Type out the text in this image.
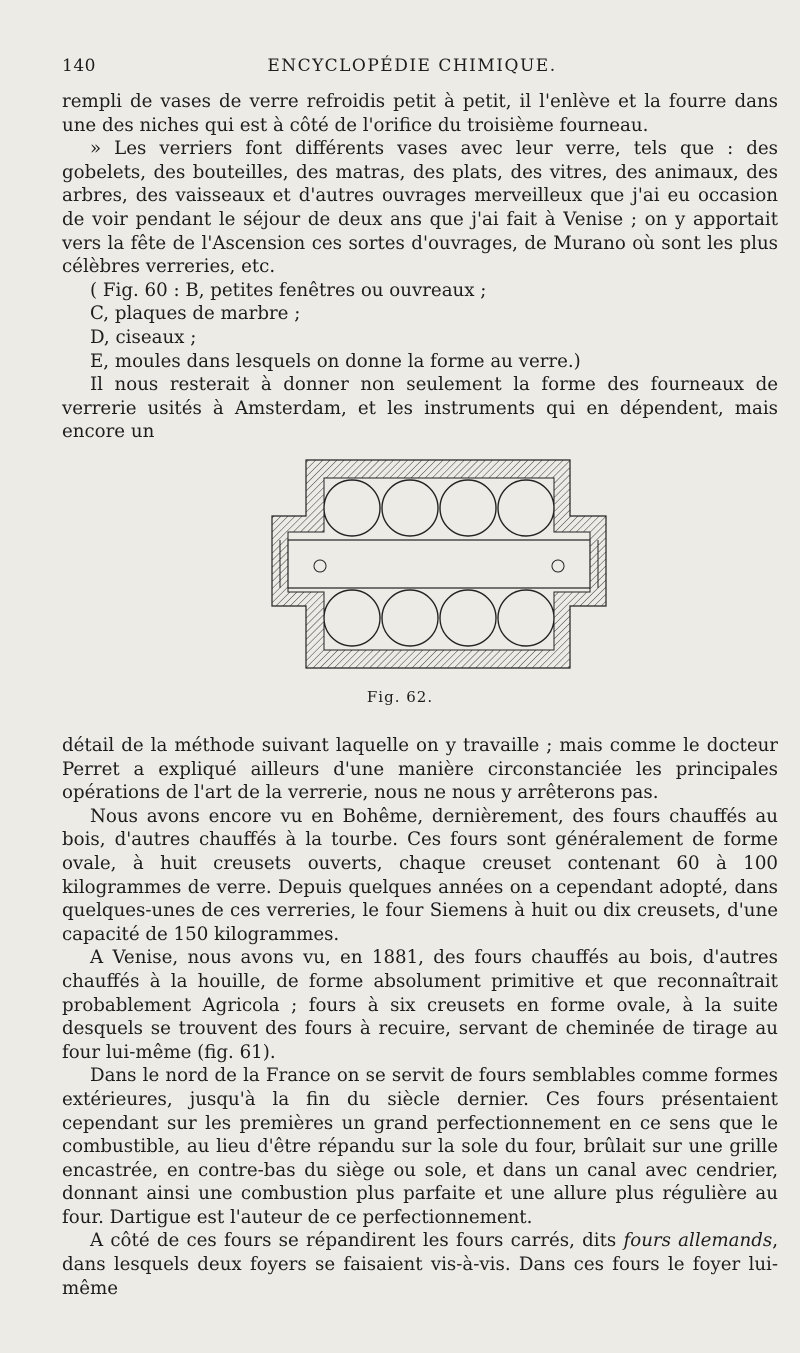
140	ENCYCLOPÉDIE CHIMIQUE.

rempli de vases de verre refroidis petit à petit, il l'enlève et la fourre dans une des niches qui est à côté de l'orifice du troisième fourneau.

» Les verriers font différents vases avec leur verre, tels que : des gobelets, des bouteilles, des matras, des plats, des vitres, des animaux, des arbres, des vaisseaux et d'autres ouvrages merveilleux que j'ai eu occasion de voir pendant le séjour de deux ans que j'ai fait à Venise ; on y apportait vers la fête de l'Ascension ces sortes d'ouvrages, de Murano où sont les plus célèbres verreries, etc.

( Fig. 60 : B, petites fenêtres ou ouvreaux ;

C, plaques de marbre ;

D, ciseaux ;

E, moules dans lesquels on donne la forme au verre.)

Il nous resterait à donner non seulement la forme des fourneaux de verrerie usités à Amsterdam, et les instruments qui en dépendent, mais encore un

Fig. 62.

détail de la méthode suivant laquelle on y travaille ; mais comme le docteur Perret a expliqué ailleurs d'une manière circonstanciée les principales opérations de l'art de la verrerie, nous ne nous y arrêterons pas.

Nous avons encore vu en Bohême, dernièrement, des fours chauffés au bois, d'autres chauffés à la tourbe. Ces fours sont généralement de forme ovale, à huit creusets ouverts, chaque creuset contenant 60 à 100 kilogrammes de verre. Depuis quelques années on a cependant adopté, dans quelques-unes de ces verreries, le four Siemens à huit ou dix creusets, d'une capacité de 150 kilogrammes.

A Venise, nous avons vu, en 1881, des fours chauffés au bois, d'autres chauffés à la houille, de forme absolument primitive et que reconnaîtrait probablement Agricola ; fours à six creusets en forme ovale, à la suite desquels se trouvent des fours à recuire, servant de cheminée de tirage au four lui-même (fig. 61).

Dans le nord de la France on se servit de fours semblables comme formes extérieures, jusqu'à la fin du siècle dernier. Ces fours présentaient cependant sur les premières un grand perfectionnement en ce sens que le combustible, au lieu d'être répandu sur la sole du four, brûlait sur une grille encastrée, en contre-bas du siège ou sole, et dans un canal avec cendrier, donnant ainsi une combustion plus parfaite et une allure plus régulière au four. Dartigue est l'auteur de ce perfectionnement.

A côté de ces fours se répandirent les fours carrés, dits fours allemands, dans lesquels deux foyers se faisaient vis-à-vis. Dans ces fours le foyer lui-même
